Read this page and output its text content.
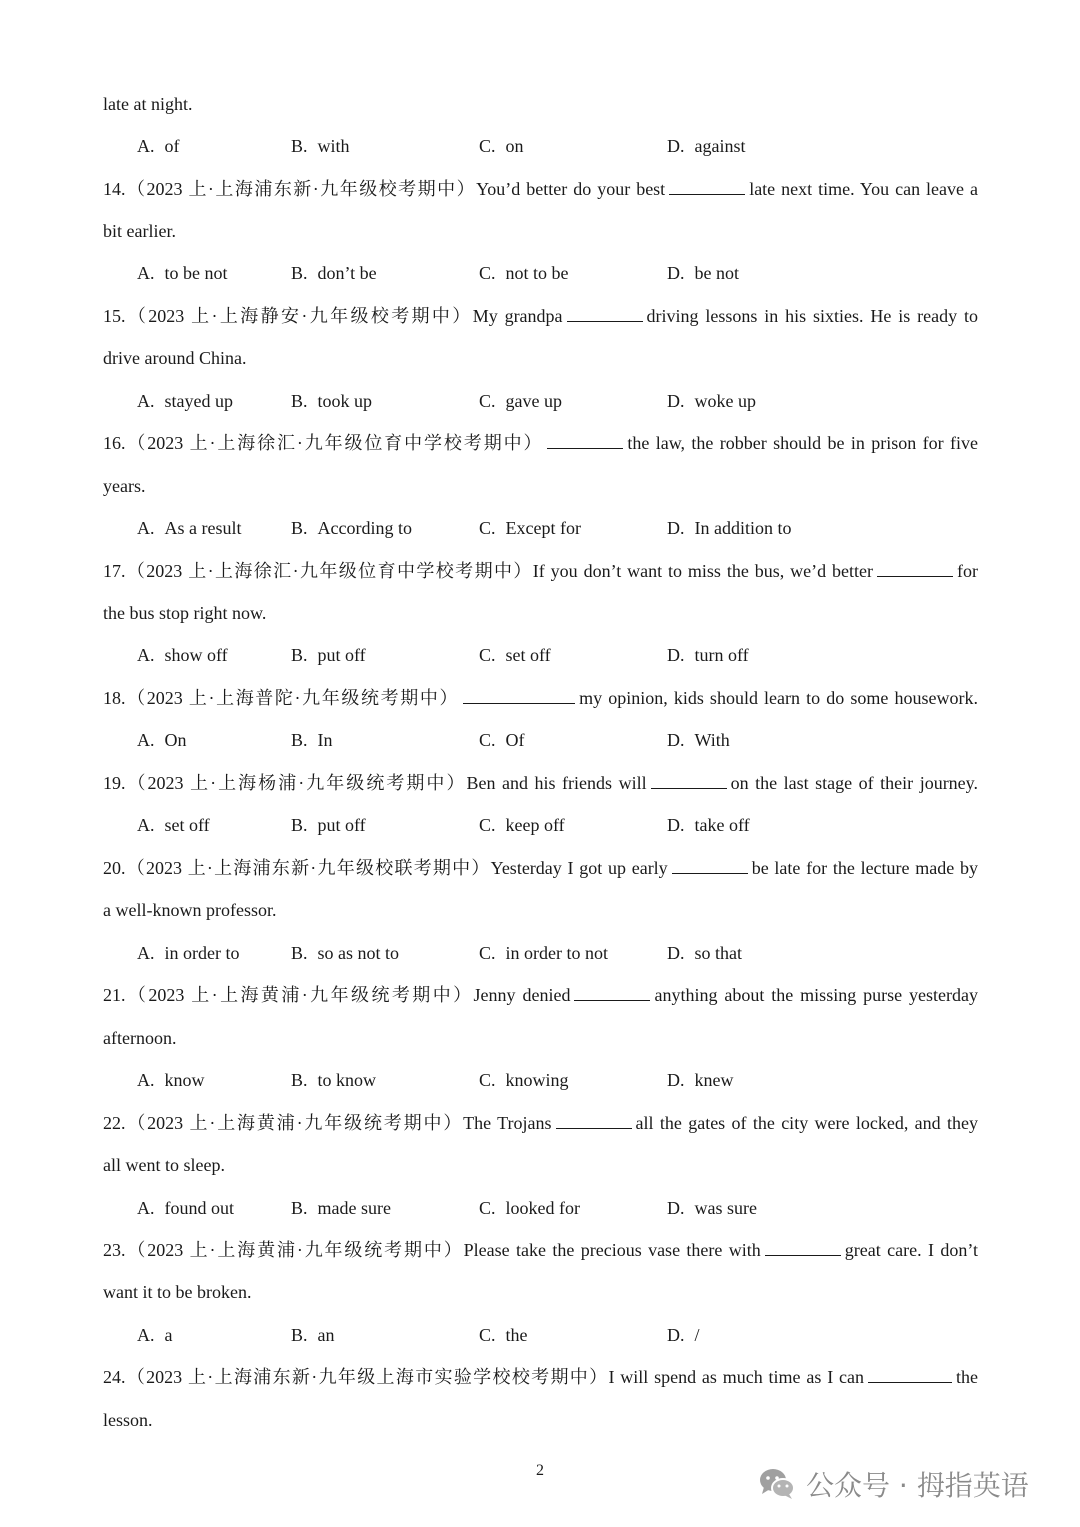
late at night.
A. of	B. with	C. on	D. against
14.（2023 上·上海浦东新·九年级校考期中）You’d better do your best	late next time. You can leave a
bit earlier.
A. to be not	B. don’t be	C. not to be	D. be not
15.（2023 上·上海静安·九年级校考期中）My grandpa	driving lessons in his sixties. He is ready to
drive around China.
A. stayed up	B. took up	C. gave up	D. woke up
16.（2023 上·上海徐汇·九年级位育中学校考期中）	the law, the robber should be in prison for five
years.
A. As a result	B. According to	C. Except for	D. In addition to
17.（2023 上·上海徐汇·九年级位育中学校考期中）If you don’t want to miss the bus, we’d better	for
the bus stop right now.
A. show off	B. put off	C. set off	D. turn off
18.（2023 上·上海普陀·九年级统考期中）	my opinion, kids should learn to do some housework.
A. On	B. In	C. Of	D. With
19.（2023 上·上海杨浦·九年级统考期中）Ben and his friends will	on the last stage of their journey.
A. set off	B. put off	C. keep off	D. take off
20.（2023 上·上海浦东新·九年级校联考期中）Yesterday I got up early	be late for the lecture made by
a well-known professor.
A. in order to	B. so as not to	C. in order to not	D. so that
21.（2023 上·上海黄浦·九年级统考期中）Jenny denied	anything about the missing purse yesterday
afternoon.
A. know	B. to know	C. knowing	D. knew
22.（2023 上·上海黄浦·九年级统考期中）The Trojans	all the gates of the city were locked, and they
all went to sleep.
A. found out	B. made sure	C. looked for	D. was sure
23.（2023 上·上海黄浦·九年级统考期中）Please take the precious vase there with	great care. I don’t
want it to be broken.
A. a	B. an	C. the	D. /
24.（2023 上·上海浦东新·九年级上海市实验学校校考期中）I will spend as much time as I can	the
lesson.
2	公众号 · 拇指英语
